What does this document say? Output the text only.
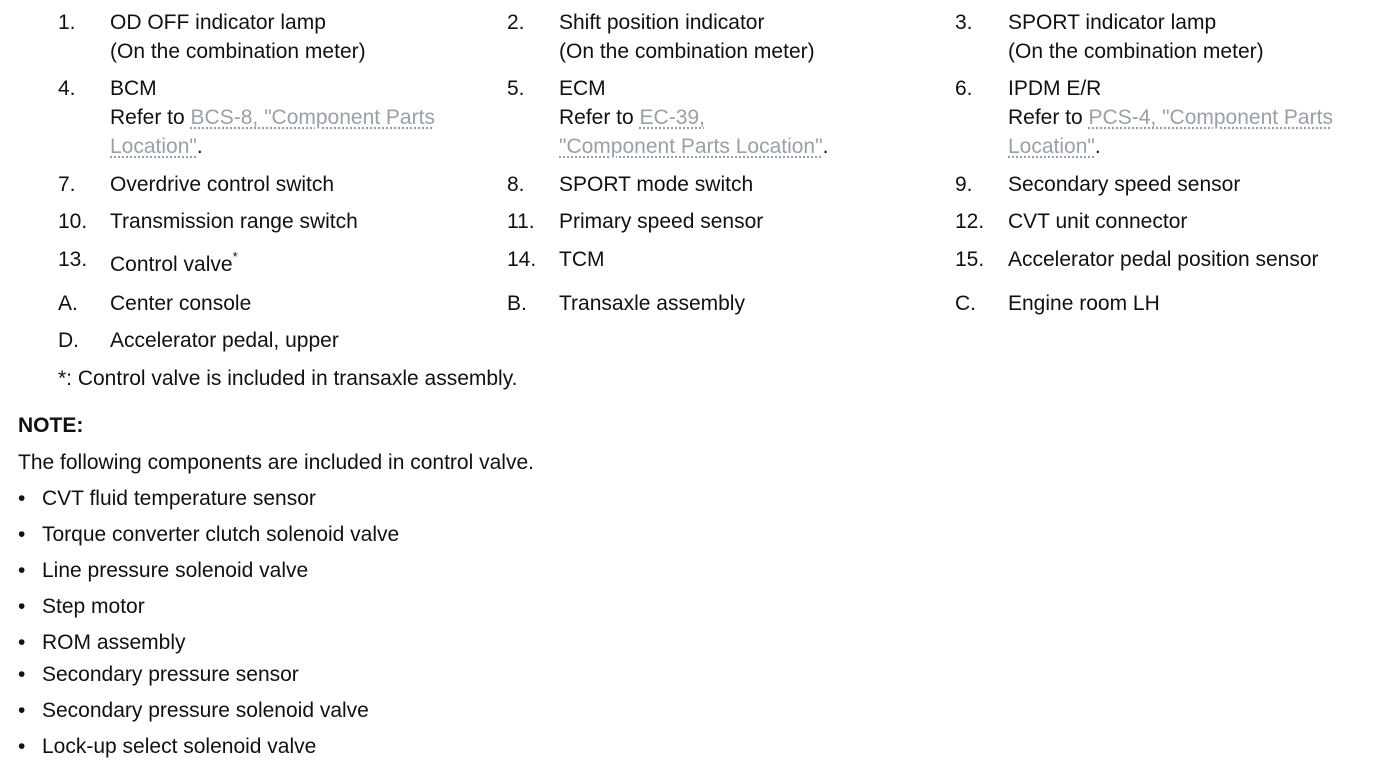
1. OD OFF indicator lamp
(On the combination meter)
2. Shift position indicator
(On the combination meter)
3. SPORT indicator lamp
(On the combination meter)
4. BCM
Refer to BCS-8, "Component Parts
Location".
5. ECM
Refer to EC-39,
"Component Parts Location".
6. IPDM E/R
Refer to PCS-4, "Component Parts
Location".
7. Overdrive control switch	8. SPORT mode switch	9. Secondary speed sensor
10. Transmission range switch	11. Primary speed sensor	12. CVT unit connector
13. Control valve*	14. TCM	15. Accelerator pedal position sensor
A. Center console	B. Transaxle assembly	C. Engine room LH
D. Accelerator pedal, upper
*: Control valve is included in transaxle assembly.
NOTE:
The following components are included in control valve.
• CVT fluid temperature sensor
• Torque converter clutch solenoid valve
• Line pressure solenoid valve
• Step motor
• ROM assembly
• Secondary pressure sensor
• Secondary pressure solenoid valve
• Lock-up select solenoid valve
